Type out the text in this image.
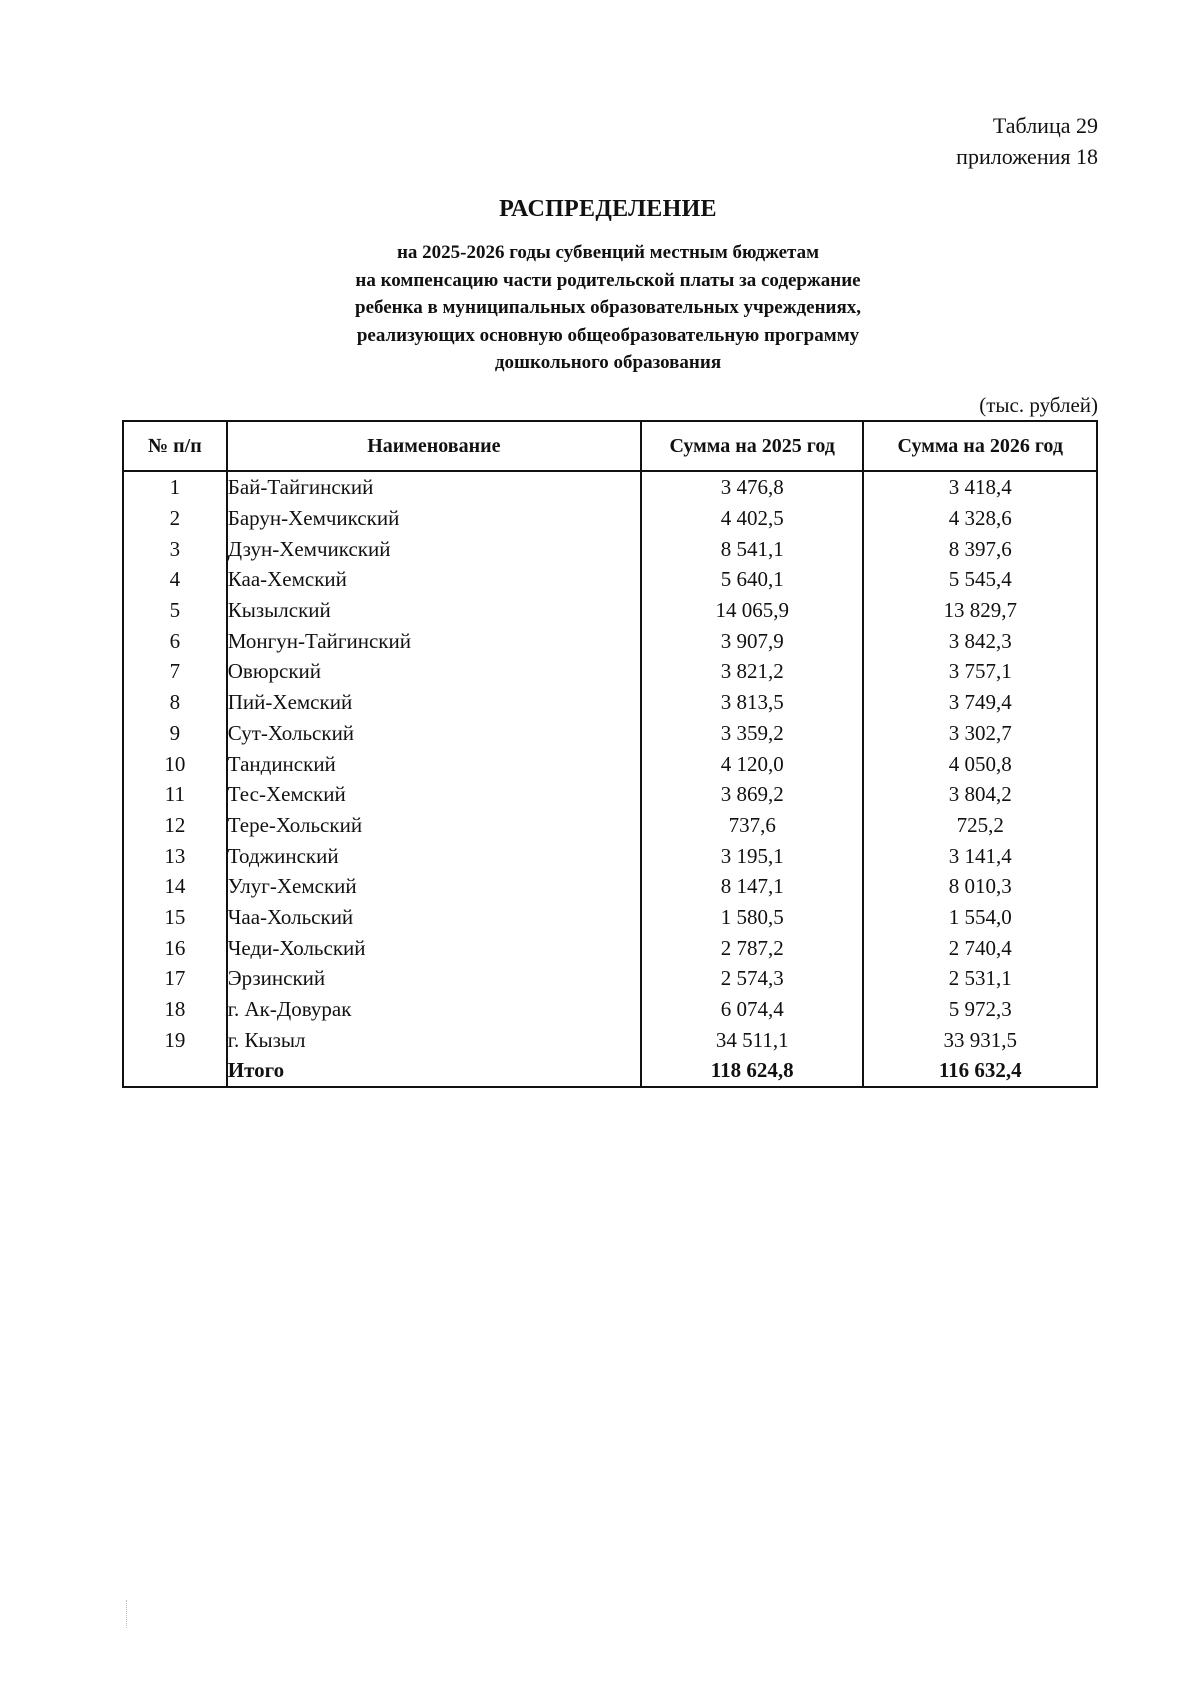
Таблица 29
приложения 18
РАСПРЕДЕЛЕНИЕ
на 2025-2026 годы субвенций местным бюджетам
на компенсацию части родительской платы за содержание
ребенка в муниципальных образовательных учреждениях,
реализующих основную общеобразовательную программу
дошкольного образования
(тыс. рублей)
№ п/п	Наименование	Сумма на 2025 год	Сумма на 2026 год
1	Бай-Тайгинский	3 476,8	3 418,4
2	Барун-Хемчикский	4 402,5	4 328,6
3	Дзун-Хемчикский	8 541,1	8 397,6
4	Каа-Хемский	5 640,1	5 545,4
5	Кызылский	14 065,9	13 829,7
6	Монгун-Тайгинский	3 907,9	3 842,3
7	Овюрский	3 821,2	3 757,1
8	Пий-Хемский	3 813,5	3 749,4
9	Сут-Хольский	3 359,2	3 302,7
10	Тандинский	4 120,0	4 050,8
11	Тес-Хемский	3 869,2	3 804,2
12	Тере-Хольский	737,6	725,2
13	Тоджинский	3 195,1	3 141,4
14	Улуг-Хемский	8 147,1	8 010,3
15	Чаа-Хольский	1 580,5	1 554,0
16	Чеди-Хольский	2 787,2	2 740,4
17	Эрзинский	2 574,3	2 531,1
18	г. Ак-Довурак	6 074,4	5 972,3
19	г. Кызыл	34 511,1	33 931,5
	Итого	118 624,8	116 632,4
